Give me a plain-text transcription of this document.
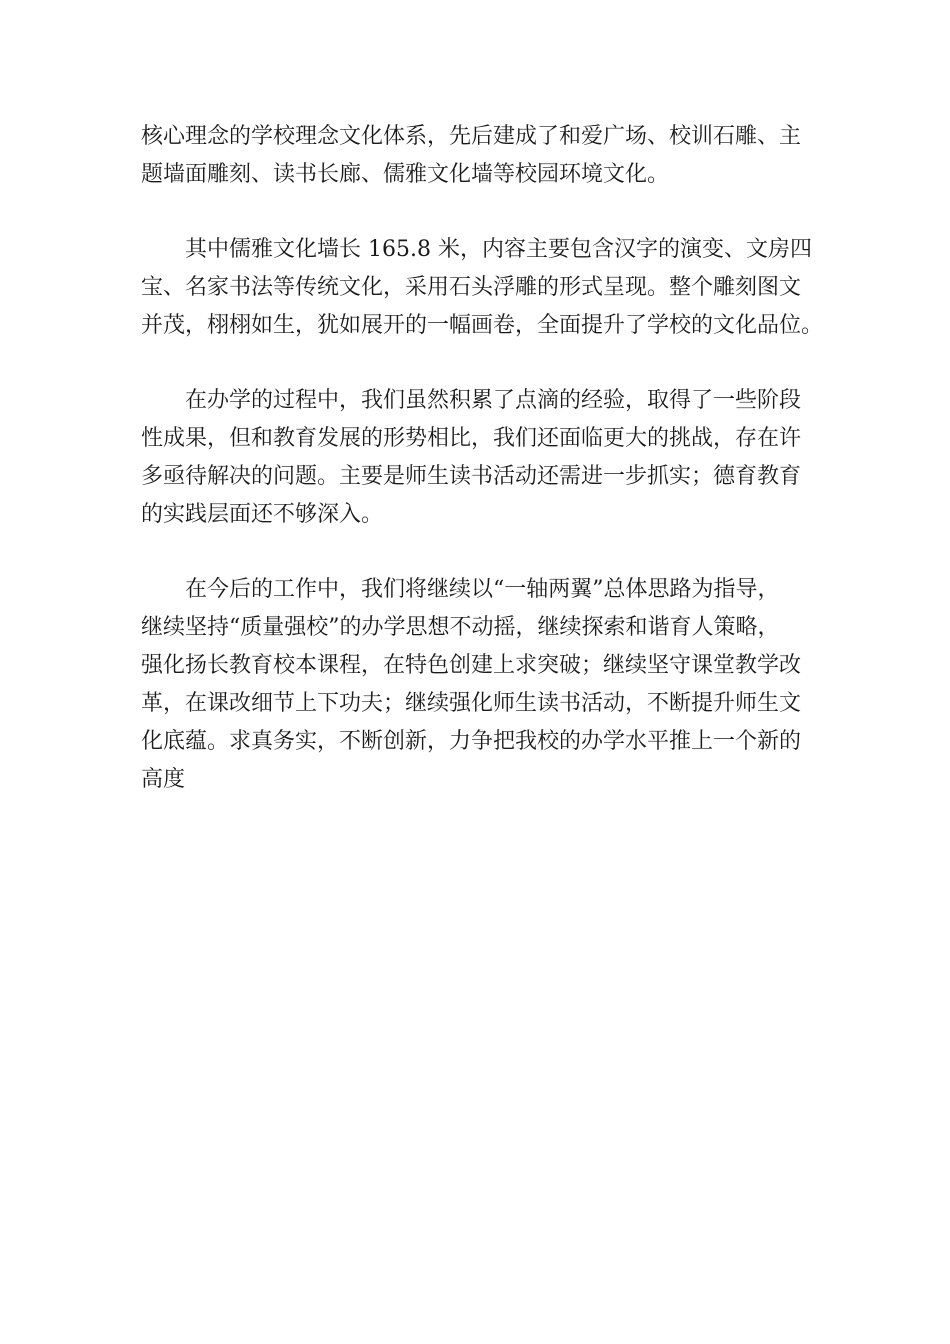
核心理念的学校理念文化体系，先后建成了和爱广场、校训石雕、主
题墙面雕刻、读书长廊、儒雅文化墙等校园环境文化。

其中儒雅文化墙长 165.8 米，内容主要包含汉字的演变、文房四
宝、名家书法等传统文化，采用石头浮雕的形式呈现。整个雕刻图文
并茂，栩栩如生，犹如展开的一幅画卷，全面提升了学校的文化品位。

在办学的过程中，我们虽然积累了点滴的经验，取得了一些阶段
性成果，但和教育发展的形势相比，我们还面临更大的挑战，存在许
多亟待解决的问题。主要是师生读书活动还需进一步抓实；德育教育
的实践层面还不够深入。

在今后的工作中，我们将继续以“一轴两翼”总体思路为指导，
继续坚持“质量强校”的办学思想不动摇，继续探索和谐育人策略，
强化扬长教育校本课程，在特色创建上求突破；继续坚守课堂教学改
革，在课改细节上下功夫；继续强化师生读书活动，不断提升师生文
化底蕴。求真务实，不断创新，力争把我校的办学水平推上一个新的
高度
